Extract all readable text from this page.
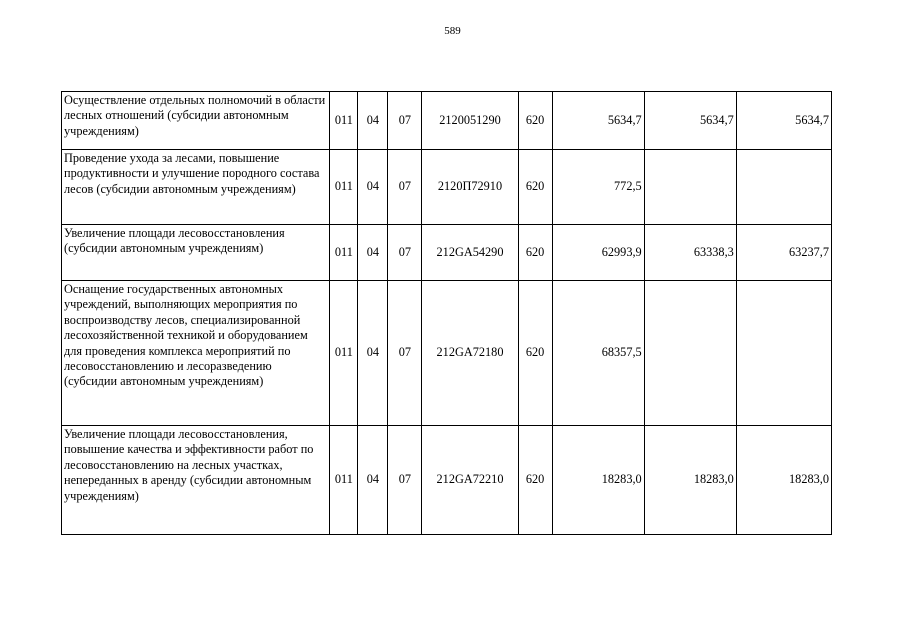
589
Осуществление отдельных полномочий в области лесных отношений (субсидии автономным учреждениям)	011	04	07	2120051290	620	5634,7	5634,7	5634,7
Проведение ухода за лесами, повышение продуктивности и улучшение породного состава лесов (субсидии автономным учреждениям)	011	04	07	2120П72910	620	772,5		
Увеличение площади лесовосстановления (субсидии автономным учреждениям)	011	04	07	212GA54290	620	62993,9	63338,3	63237,7
Оснащение государственных автономных учреждений, выполняющих мероприятия по воспроизводству лесов, специализированной лесохозяйственной техникой и оборудованием для проведения комплекса мероприятий по лесовосстановлению и лесоразведению (субсидии автономным учреждениям)	011	04	07	212GA72180	620	68357,5		
Увеличение площади лесовосстановления, повышение качества и эффективности работ по лесовосстановлению на лесных участках, непереданных в аренду (субсидии автономным учреждениям)	011	04	07	212GA72210	620	18283,0	18283,0	18283,0
